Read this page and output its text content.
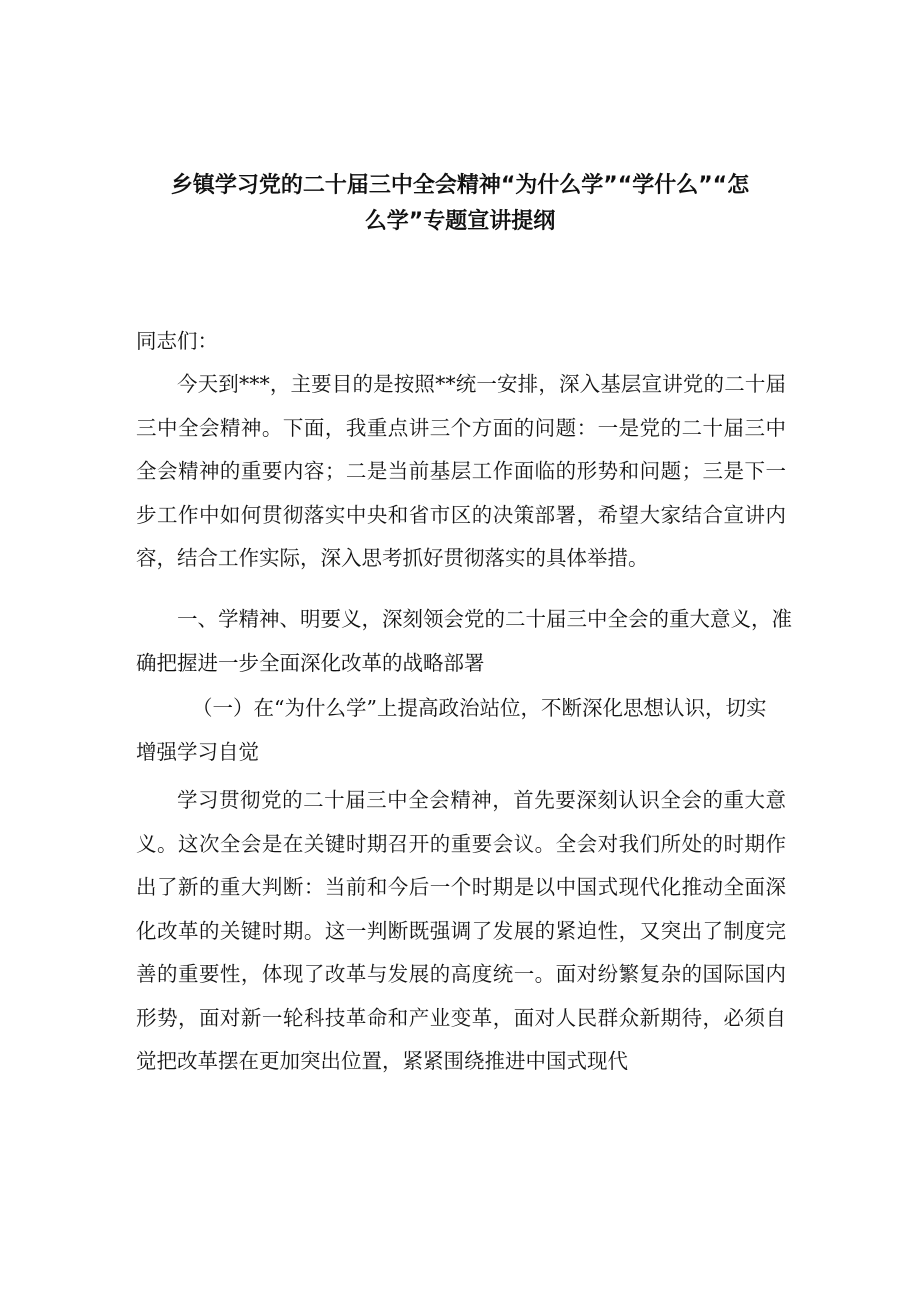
乡镇学习党的二十届三中全会精神“为什么学”“学什么”“怎
么学”专题宣讲提纲

同志们：

今天到***，主要目的是按照**统一安排，深入基层宣讲党的二十届三中全会精神。下面，我重点讲三个方面的问题：一是党的二十届三中全会精神的重要内容；二是当前基层工作面临的形势和问题；三是下一步工作中如何贯彻落实中央和省市区的决策部署，希望大家结合宣讲内容，结合工作实际，深入思考抓好贯彻落实的具体举措。

一、学精神、明要义，深刻领会党的二十届三中全会的重大意义，准确把握进一步全面深化改革的战略部署

（一）在“为什么学”上提高政治站位，不断深化思想认识，切实增强学习自觉

学习贯彻党的二十届三中全会精神，首先要深刻认识全会的重大意义。这次全会是在关键时期召开的重要会议。全会对我们所处的时期作出了新的重大判断：当前和今后一个时期是以中国式现代化推动全面深化改革的关键时期。这一判断既强调了发展的紧迫性，又突出了制度完善的重要性，体现了改革与发展的高度统一。面对纷繁复杂的国际国内形势，面对新一轮科技革命和产业变革，面对人民群众新期待，必须自觉把改革摆在更加突出位置，紧紧围绕推进中国式现代
